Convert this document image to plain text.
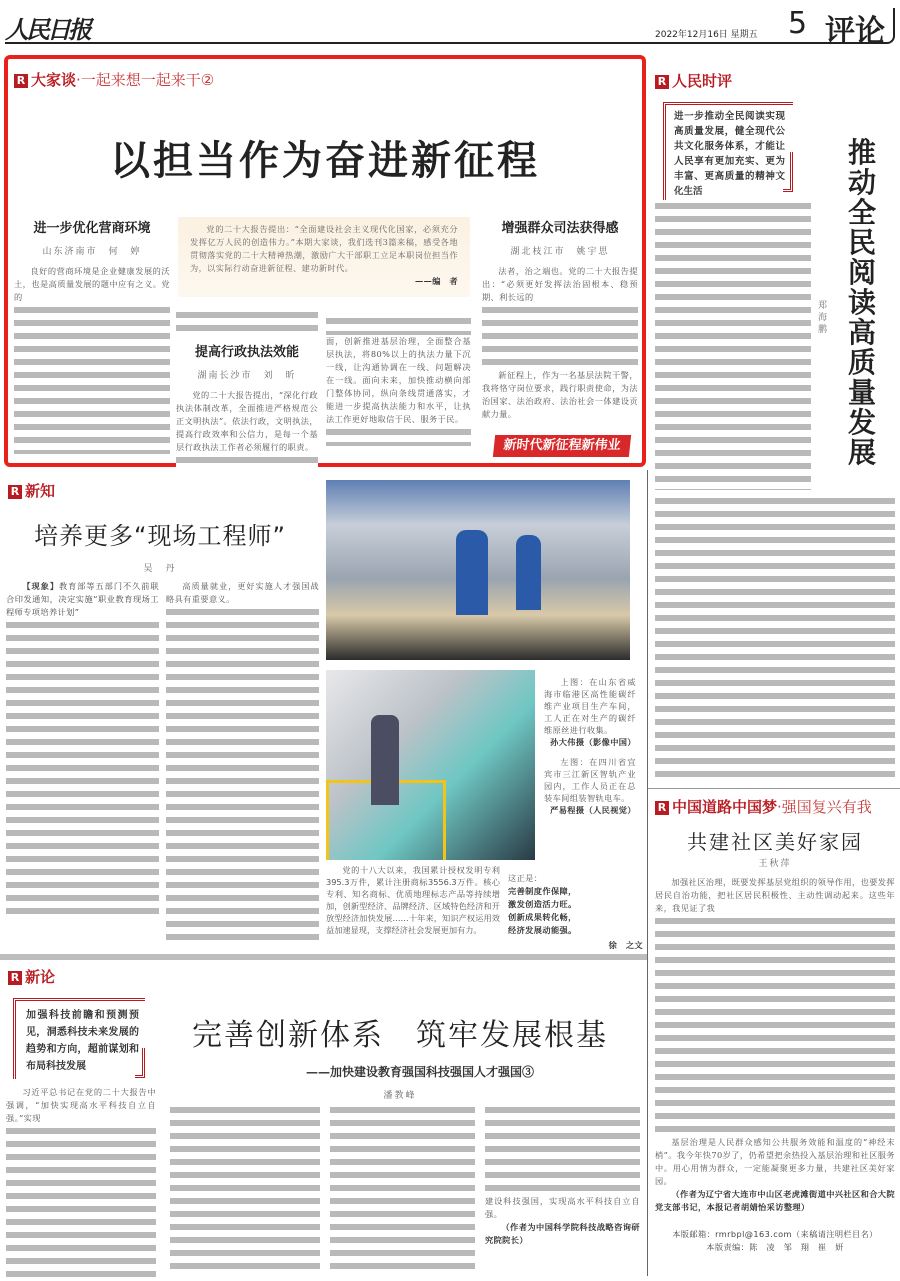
人民日报	2022年12月16日 星期五 5 评论
R 大家谈·一起来想一起来干②
以担当作为奋进新征程
进一步优化营商环境
山东济南市　何　婷
良好的营商环境是企业健康发展的沃土，也是高质量发展的题中应有之义。党的
党的二十大报告提出：“全面建设社会主义现代化国家，必须充分发挥亿万人民的创造伟力。”本期大家谈，我们选刊3篇来稿，感受各地贯彻落实党的二十大精神热潮，激励广大干部职工立足本职岗位担当作为，以实际行动奋进新征程、建功新时代。
——编　者
提高行政执法效能
湖南长沙市　刘　昕
党的二十大报告提出，“深化行政执法体制改革，全面推进严格规范公正文明执法”。依法行政，文明执法，提高行政效率和公信力，是每一个基层行政执法工作者必须履行的职责。
面，创新推进基层治理，全面整合基层执法，将80%以上的执法力量下沉一线，让沟通协调在一线、问题解决在一线。面向未来，加快推动横向部门整体协同，纵向条线贯通落实，才能进一步提高执法能力和水平，让执法工作更好地取信于民、服务于民。
增强群众司法获得感
湖北枝江市　姚宇思
法者，治之端也。党的二十大报告提出：“必须更好发挥法治固根本、稳预期、利长远的
新征程上，作为一名基层法院干警，我将恪守岗位要求，践行职责使命，为法治国家、法治政府、法治社会一体建设贡献力量。
新时代新征程新伟业
R 人民时评
进一步推动全民阅读实现高质量发展，健全现代公共文化服务体系，才能让人民享有更加充实、更为丰富、更高质量的精神文化生活
推动全民阅读高质量发展
郑海鹏
R 中国道路中国梦·强国复兴有我
共建社区美好家园
王秋萍
加强社区治理，既要发挥基层党组织的领导作用，也要发挥居民自治功能，把社区居民积极性、主动性调动起来。这些年来，我见证了我
基层治理是人民群众感知公共服务效能和温度的“神经末梢”。我今年快70岁了，仍希望把余热投入基层治理和社区服务中。用心用情为群众，一定能凝聚更多力量，共建社区美好家园。
（作者为辽宁省大连市中山区老虎滩街道中兴社区和合大院党支部书记，本报记者胡婧怡采访整理）
本版邮箱：rmrbpl@163.com（来稿请注明栏目名）
本版责编：陈　凌　邹　翔　崔　妍
R 新知
培养更多“现场工程师”
吴　丹
【现象】教育部等五部门不久前联合印发通知，决定实施“职业教育现场工程师专项培养计划”
高质量就业，更好实施人才强国战略具有重要意义。
上图：在山东省威海市临港区高性能碳纤维产业项目生产车间，工人正在对生产的碳纤维原丝进行收集。
孙大伟摄（影像中国）
左图：在四川省宜宾市三江新区智轨产业园内，工作人员正在总装车间组装智轨电车。
严易程摄（人民视觉）
党的十八大以来，我国累计授权发明专利395.3万件，累计注册商标3556.3万件。核心专利、知名商标、优质地理标志产品等持续增加，创新型经济、品牌经济、区域特色经济和开放型经济加快发展……十年来，知识产权运用效益加速显现，支撑经济社会发展更加有力。
这正是：
完善制度作保障，
激发创造活力旺。
创新成果转化畅，
经济发展动能强。
徐　之文
R 新论
加强科技前瞻和预测预见，洞悉科技未来发展的趋势和方向，超前谋划和布局科技发展
完善创新体系　筑牢发展根基
——加快建设教育强国科技强国人才强国③
潘教峰
习近平总书记在党的二十大报告中强调，“加快实现高水平科技自立自强。”实现
建设科技强国，实现高水平科技自立自强。
（作者为中国科学院科技战略咨询研究院院长）
